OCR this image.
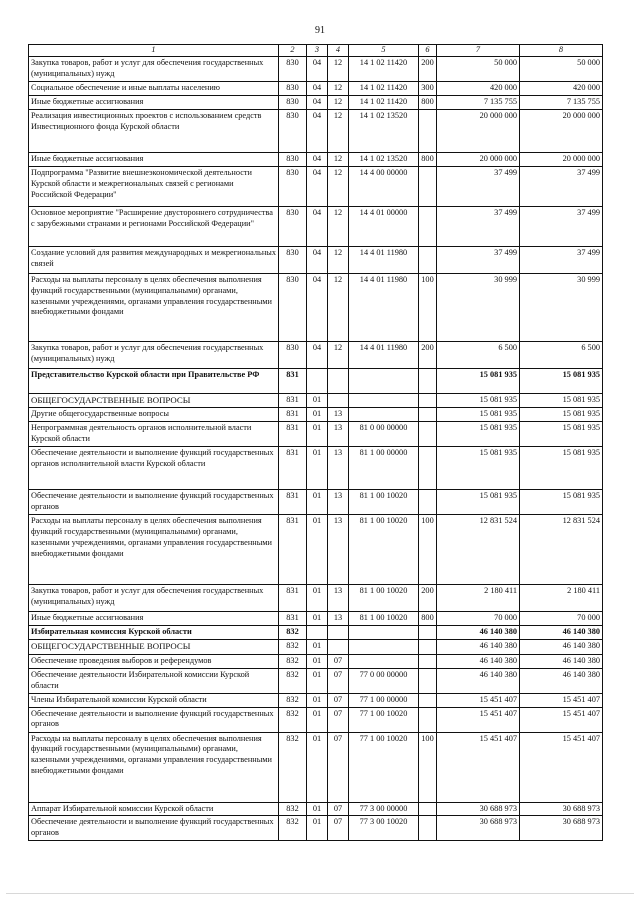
91
1	2	3	4	5	6	7	8
Закупка товаров, работ и услуг для обеспечения государственных (муниципальных) нужд	830	04	12	14 1 02 11420	200	50 000	50 000
Социальное обеспечение и иные выплаты населению	830	04	12	14 1 02 11420	300	420 000	420 000
Иные бюджетные ассигнования	830	04	12	14 1 02 11420	800	7 135 755	7 135 755
Реализация инвестиционных проектов с использованием средств Инвестиционного фонда Курской области	830	04	12	14 1 02 13520		20 000 000	20 000 000
Иные бюджетные ассигнования	830	04	12	14 1 02 13520	800	20 000 000	20 000 000
Подпрограмма "Развитие внешнеэкономической деятельности Курской области и межрегиональных связей с регионами Российской Федерации"	830	04	12	14 4 00 00000		37 499	37 499
Основное мероприятие "Расширение двустороннего сотрудничества с зарубежными странами и регионами Российской Федерации"	830	04	12	14 4 01 00000		37 499	37 499
Создание условий для развития международных и межрегиональных связей	830	04	12	14 4 01 11980		37 499	37 499
Расходы на выплаты персоналу в целях обеспечения выполнения функций государственными (муниципальными) органами, казенными учреждениями, органами управления государственными внебюджетными фондами	830	04	12	14 4 01 11980	100	30 999	30 999
Закупка товаров, работ и услуг для обеспечения государственных (муниципальных) нужд	830	04	12	14 4 01 11980	200	6 500	6 500
Представительство Курской области при Правительстве РФ	831					15 081 935	15 081 935
ОБЩЕГОСУДАРСТВЕННЫЕ ВОПРОСЫ	831	01				15 081 935	15 081 935
Другие общегосударственные вопросы	831	01	13			15 081 935	15 081 935
Непрограммная деятельность органов исполнительной власти Курской области	831	01	13	81 0 00 00000		15 081 935	15 081 935
Обеспечение деятельности и выполнение функций государственных органов исполнительной власти Курской области	831	01	13	81 1 00 00000		15 081 935	15 081 935
Обеспечение деятельности и выполнение функций государственных органов	831	01	13	81 1 00 10020		15 081 935	15 081 935
Расходы на выплаты персоналу в целях обеспечения выполнения функций государственными (муниципальными) органами, казенными учреждениями, органами управления государственными внебюджетными фондами	831	01	13	81 1 00 10020	100	12 831 524	12 831 524
Закупка товаров, работ и услуг для обеспечения государственных (муниципальных) нужд	831	01	13	81 1 00 10020	200	2 180 411	2 180 411
Иные бюджетные ассигнования	831	01	13	81 1 00 10020	800	70 000	70 000
Избирательная комиссия Курской области	832					46 140 380	46 140 380
ОБЩЕГОСУДАРСТВЕННЫЕ ВОПРОСЫ	832	01				46 140 380	46 140 380
Обеспечение проведения выборов и референдумов	832	01	07			46 140 380	46 140 380
Обеспечение деятельности Избирательной комиссии Курской области	832	01	07	77 0 00 00000		46 140 380	46 140 380
Члены Избирательной комиссии Курской области	832	01	07	77 1 00 00000		15 451 407	15 451 407
Обеспечение деятельности и выполнение функций государственных органов	832	01	07	77 1 00 10020		15 451 407	15 451 407
Расходы на выплаты персоналу в целях обеспечения выполнения функций государственными (муниципальными) органами, казенными учреждениями, органами управления государственными внебюджетными фондами	832	01	07	77 1 00 10020	100	15 451 407	15 451 407
Аппарат Избирательной комиссии Курской области	832	01	07	77 3 00 00000		30 688 973	30 688 973
Обеспечение деятельности и выполнение функций государственных органов	832	01	07	77 3 00 10020		30 688 973	30 688 973
